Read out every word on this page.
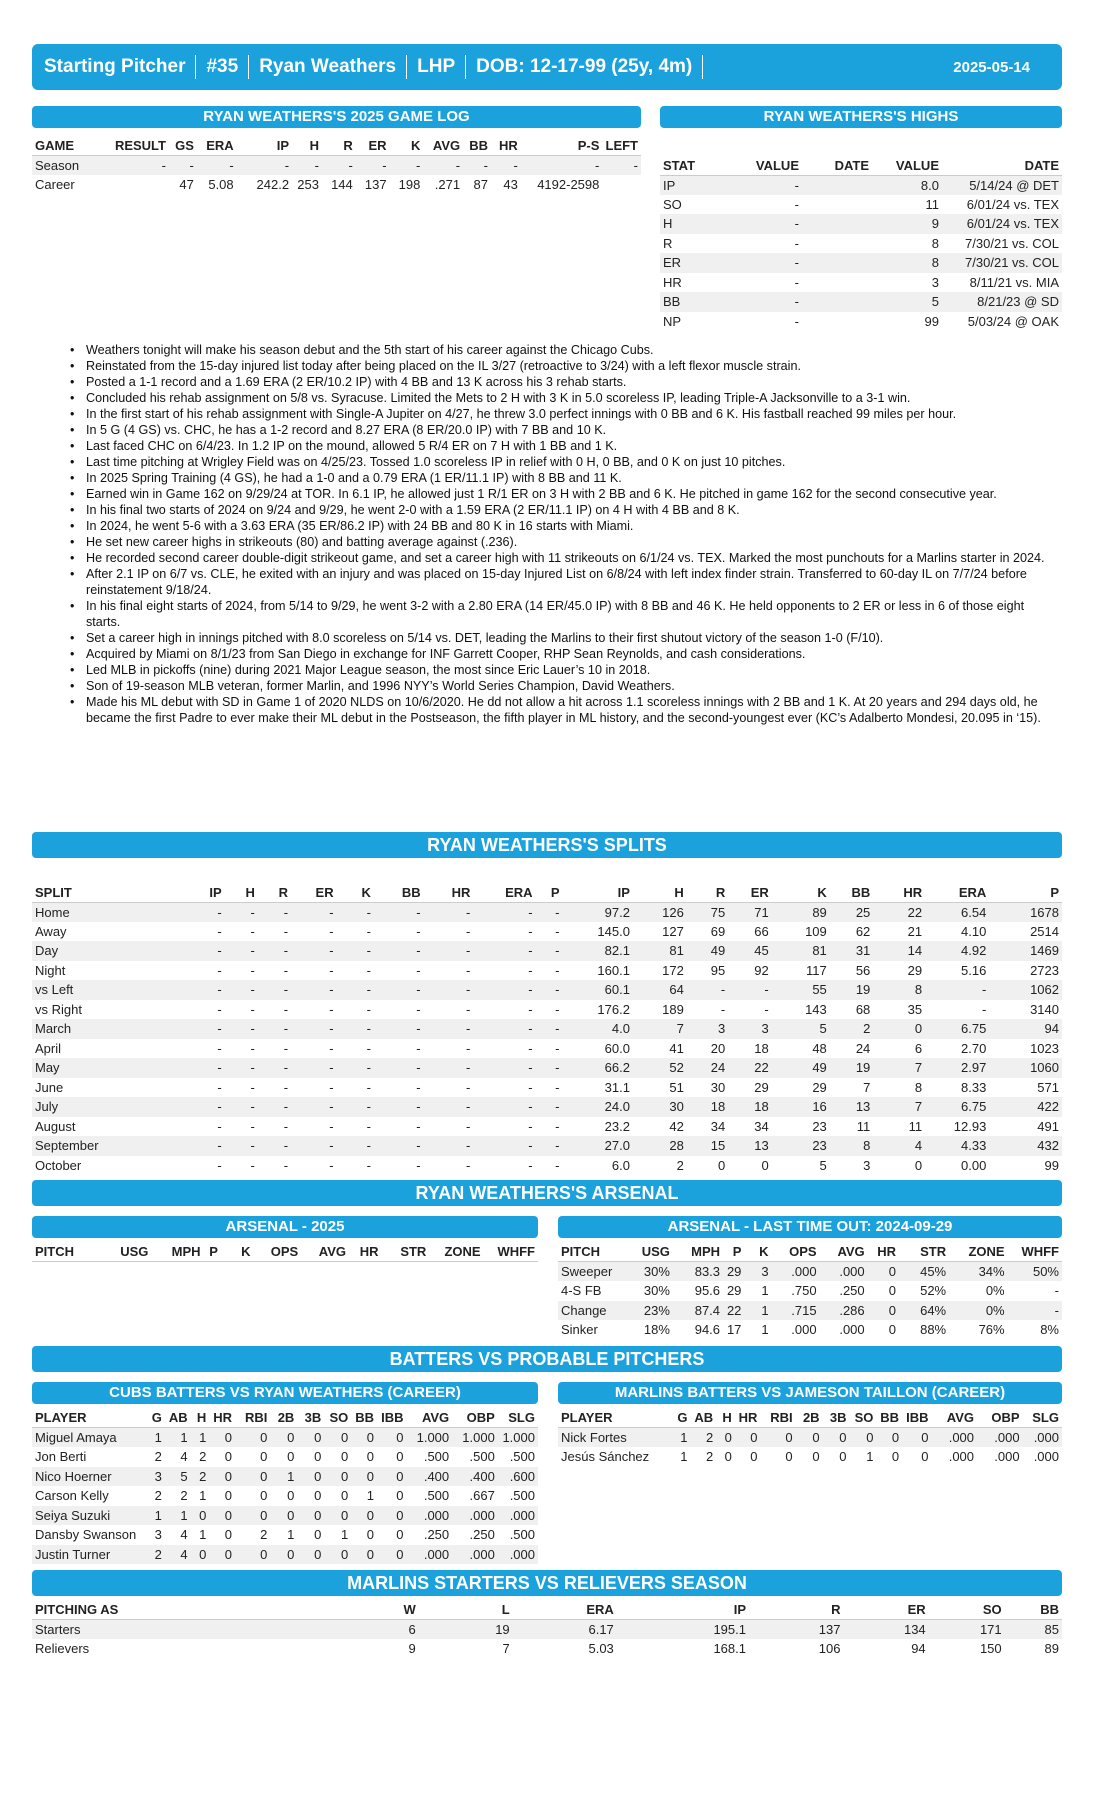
Starting Pitcher	#35	Ryan Weathers	LHP	DOB: 12-17-99 (25y, 4m)	2025-05-14
RYAN WEATHERS'S 2025 GAME LOG
GAME	RESULT	GS	ERA	IP	H	R	ER	K	AVG	BB	HR	P-S	LEFT
Season	-	-	-	-	-	-	-	-	-	-	-	-	-
Career		47	5.08	242.2	253	144	137	198	.271	87	43	4192-2598	
RYAN WEATHERS'S HIGHS

STAT	VALUE	DATE	VALUE	DATE
IP	-		8.0	5/14/24 @ DET
SO	-		11	6/01/24 vs. TEX
H	-		9	6/01/24 vs. TEX
R	-		8	7/30/21 vs. COL
ER	-		8	7/30/21 vs. COL
HR	-		3	8/11/21 vs. MIA
BB	-		5	8/21/23 @ SD
NP	-		99	5/03/24 @ OAK
• Weathers tonight will make his season debut and the 5th start of his career against the Chicago Cubs.
• Reinstated from the 15-day injured list today after being placed on the IL 3/27 (retroactive to 3/24) with a left flexor muscle strain.
• Posted a 1-1 record and a 1.69 ERA (2 ER/10.2 IP) with 4 BB and 13 K across his 3 rehab starts.
• Concluded his rehab assignment on 5/8 vs. Syracuse. Limited the Mets to 2 H with 3 K in 5.0 scoreless IP, leading Triple-A Jacksonville to a 3-1 win.
• In the first start of his rehab assignment with Single-A Jupiter on 4/27, he threw 3.0 perfect innings with 0 BB and 6 K. His fastball reached 99 miles per hour.
• In 5 G (4 GS) vs. CHC, he has a 1-2 record and 8.27 ERA (8 ER/20.0 IP) with 7 BB and 10 K.
• Last faced CHC on 6/4/23. In 1.2 IP on the mound, allowed 5 R/4 ER on 7 H with 1 BB and 1 K.
• Last time pitching at Wrigley Field was on 4/25/23. Tossed 1.0 scoreless IP in relief with 0 H, 0 BB, and 0 K on just 10 pitches.
• In 2025 Spring Training (4 GS), he had a 1-0 and a 0.79 ERA (1 ER/11.1 IP) with 8 BB and 11 K.
• Earned win in Game 162 on 9/29/24 at TOR. In 6.1 IP, he allowed just 1 R/1 ER on 3 H with 2 BB and 6 K. He pitched in game 162 for the second consecutive year.
• In his final two starts of 2024 on 9/24 and 9/29, he went 2-0 with a 1.59 ERA (2 ER/11.1 IP) on 4 H with 4 BB and 8 K.
• In 2024, he went 5-6 with a 3.63 ERA (35 ER/86.2 IP) with 24 BB and 80 K in 16 starts with Miami.
• He set new career highs in strikeouts (80) and batting average against (.236).
• He recorded second career double-digit strikeout game, and set a career high with 11 strikeouts on 6/1/24 vs. TEX. Marked the most punchouts for a Marlins starter in 2024.
• After 2.1 IP on 6/7 vs. CLE, he exited with an injury and was placed on 15-day Injured List on 6/8/24 with left index finder strain. Transferred to 60-day IL on 7/7/24 before reinstatement 9/18/24.
• In his final eight starts of 2024, from 5/14 to 9/29, he went 3-2 with a 2.80 ERA (14 ER/45.0 IP) with 8 BB and 46 K. He held opponents to 2 ER or less in 6 of those eight starts.
• Set a career high in innings pitched with 8.0 scoreless on 5/14 vs. DET, leading the Marlins to their first shutout victory of the season 1-0 (F/10).
• Acquired by Miami on 8/1/23 from San Diego in exchange for INF Garrett Cooper, RHP Sean Reynolds, and cash considerations.
• Led MLB in pickoffs (nine) during 2021 Major League season, the most since Eric Lauer’s 10 in 2018.
• Son of 19-season MLB veteran, former Marlin, and 1996 NYY’s World Series Champion, David Weathers.
• Made his ML debut with SD in Game 1 of 2020 NLDS on 10/6/2020. He dd not allow a hit across 1.1 scoreless innings with 2 BB and 1 K. At 20 years and 294 days old, he became the first Padre to ever make their ML debut in the Postseason, the fifth player in ML history, and the second-youngest ever (KC’s Adalberto Mondesi, 20.095 in ‘15).
RYAN WEATHERS'S SPLITS

SPLIT	IP	H	R	ER	K	BB	HR	ERA	P	IP	H	R	ER	K	BB	HR	ERA	P
Home	-	-	-	-	-	-	-	-	-	97.2	126	75	71	89	25	22	6.54	1678
Away	-	-	-	-	-	-	-	-	-	145.0	127	69	66	109	62	21	4.10	2514
Day	-	-	-	-	-	-	-	-	-	82.1	81	49	45	81	31	14	4.92	1469
Night	-	-	-	-	-	-	-	-	-	160.1	172	95	92	117	56	29	5.16	2723
vs Left	-	-	-	-	-	-	-	-	-	60.1	64	-	-	55	19	8	-	1062
vs Right	-	-	-	-	-	-	-	-	-	176.2	189	-	-	143	68	35	-	3140
March	-	-	-	-	-	-	-	-	-	4.0	7	3	3	5	2	0	6.75	94
April	-	-	-	-	-	-	-	-	-	60.0	41	20	18	48	24	6	2.70	1023
May	-	-	-	-	-	-	-	-	-	66.2	52	24	22	49	19	7	2.97	1060
June	-	-	-	-	-	-	-	-	-	31.1	51	30	29	29	7	8	8.33	571
July	-	-	-	-	-	-	-	-	-	24.0	30	18	18	16	13	7	6.75	422
August	-	-	-	-	-	-	-	-	-	23.2	42	34	34	23	11	11	12.93	491
September	-	-	-	-	-	-	-	-	-	27.0	28	15	13	23	8	4	4.33	432
October	-	-	-	-	-	-	-	-	-	6.0	2	0	0	5	3	0	0.00	99
RYAN WEATHERS'S ARSENAL
ARSENAL - 2025
PITCH	USG	MPH	P	K	OPS	AVG	HR	STR	ZONE	WHFF
ARSENAL - LAST TIME OUT: 2024-09-29
PITCH	USG	MPH	P	K	OPS	AVG	HR	STR	ZONE	WHFF
Sweeper	30%	83.3	29	3	.000	.000	0	45%	34%	50%
4-S FB	30%	95.6	29	1	.750	.250	0	52%	0%	-
Change	23%	87.4	22	1	.715	.286	0	64%	0%	-
Sinker	18%	94.6	17	1	.000	.000	0	88%	76%	8%
BATTERS VS PROBABLE PITCHERS
CUBS BATTERS VS RYAN WEATHERS (CAREER)
PLAYER	G	AB	H	HR	RBI	2B	3B	SO	BB	IBB	AVG	OBP	SLG
Miguel Amaya	1	1	1	0	0	0	0	0	0	0	1.000	1.000	1.000
Jon Berti	2	4	2	0	0	0	0	0	0	0	.500	.500	.500
Nico Hoerner	3	5	2	0	0	1	0	0	0	0	.400	.400	.600
Carson Kelly	2	2	1	0	0	0	0	0	1	0	.500	.667	.500
Seiya Suzuki	1	1	0	0	0	0	0	0	0	0	.000	.000	.000
Dansby Swanson	3	4	1	0	2	1	0	1	0	0	.250	.250	.500
Justin Turner	2	4	0	0	0	0	0	0	0	0	.000	.000	.000
MARLINS BATTERS VS JAMESON TAILLON (CAREER)
PLAYER	G	AB	H	HR	RBI	2B	3B	SO	BB	IBB	AVG	OBP	SLG
Nick Fortes	1	2	0	0	0	0	0	0	0	0	.000	.000	.000
Jesús Sánchez	1	2	0	0	0	0	0	1	0	0	.000	.000	.000
MARLINS STARTERS VS RELIEVERS SEASON
PITCHING AS	W	L	ERA	IP	R	ER	SO	BB
Starters	6	19	6.17	195.1	137	134	171	85
Relievers	9	7	5.03	168.1	106	94	150	89
